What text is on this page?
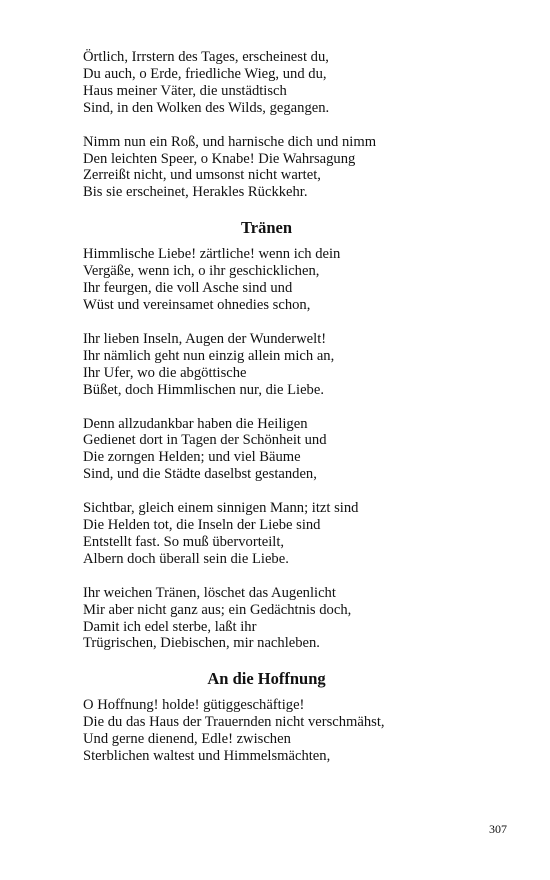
Örtlich, Irrstern des Tages, erscheinest du,
Du auch, o Erde, friedliche Wieg, und du,
Haus meiner Väter, die unstädtisch
Sind, in den Wolken des Wilds, gegangen.
Nimm nun ein Roß, und harnische dich und nimm
Den leichten Speer, o Knabe! Die Wahrsagung
Zerreißt nicht, und umsonst nicht wartet,
Bis sie erscheinet, Herakles Rückkehr.
Tränen
Himmlische Liebe! zärtliche! wenn ich dein
Vergäße, wenn ich, o ihr geschicklichen,
Ihr feurgen, die voll Asche sind und
Wüst und vereinsamet ohnedies schon,
Ihr lieben Inseln, Augen der Wunderwelt!
Ihr nämlich geht nun einzig allein mich an,
Ihr Ufer, wo die abgöttische
Büßet, doch Himmlischen nur, die Liebe.
Denn allzudankbar haben die Heiligen
Gedienet dort in Tagen der Schönheit und
Die zorngen Helden; und viel Bäume
Sind, und die Städte daselbst gestanden,
Sichtbar, gleich einem sinnigen Mann; itzt sind
Die Helden tot, die Inseln der Liebe sind
Entstellt fast. So muß übervorteilt,
Albern doch überall sein die Liebe.
Ihr weichen Tränen, löschet das Augenlicht
Mir aber nicht ganz aus; ein Gedächtnis doch,
Damit ich edel sterbe, laßt ihr
Trügrischen, Diebischen, mir nachleben.
An die Hoffnung
O Hoffnung! holde! gütiggeschäftige!
Die du das Haus der Trauernden nicht verschmähst,
Und gerne dienend, Edle! zwischen
Sterblichen waltest und Himmelsmächten,
307
